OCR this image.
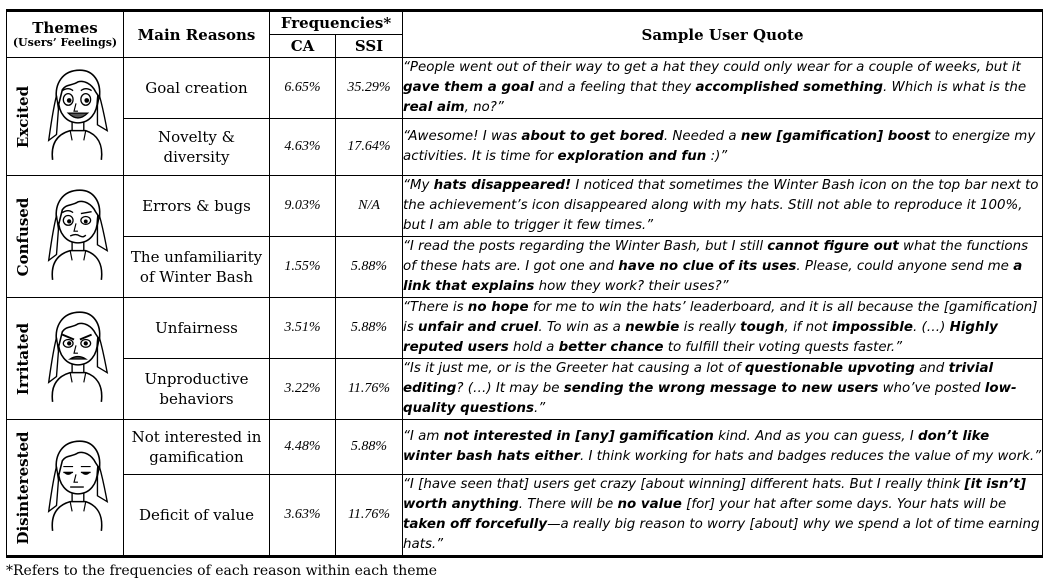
Themes
(Users’ Feelings)	Main Reasons	Frequencies*		Sample User Quote
		CA	SSI	

Excited	Goal creation	6.65%	35.29%	“People went out of their way to get a hat they could only wear for a couple of weeks, but it gave them a goal and a feeling that they accomplished something. Which is what is the real aim, no?”
	Novelty & diversity	4.63%	17.64%	“Awesome! I was about to get bored. Needed a new [gamification] boost to energize my activities. It is time for exploration and fun :)”

Confused	Errors & bugs	9.03%	N/A	“My hats disappeared! I noticed that sometimes the Winter Bash icon on the top bar next to the achievement’s icon disappeared along with my hats. Still not able to reproduce it 100%, but I am able to trigger it few times.”
	The unfamiliarity of Winter Bash	1.55%	5.88%	“I read the posts regarding the Winter Bash, but I still cannot figure out what the functions of these hats are. I got one and have no clue of its uses. Please, could anyone send me a link that explains how they work? their uses?”

Irritated	Unfairness	3.51%	5.88%	“There is no hope for me to win the hats’ leaderboard, and it is all because the [gamification] is unfair and cruel. To win as a newbie is really tough, if not impossible. (…) Highly reputed users hold a better chance to fulfill their voting quests faster.”
	Unproductive behaviors	3.22%	11.76%	“Is it just me, or is the Greeter hat causing a lot of questionable upvoting and trivial editing? (…) It may be sending the wrong message to new users who’ve posted low-quality questions.”

Disinterested	Not interested in gamification	4.48%	5.88%	“I am not interested in [any] gamification kind. And as you can guess, I don’t like winter bash hats either. I think working for hats and badges reduces the value of my work.”
	Deficit of value	3.63%	11.76%	“I [have seen that] users get crazy [about winning] different hats. But I really think [it isn’t] worth anything. There will be no value [for] your hat after some days. Your hats will be taken off forcefully—a really big reason to worry [about] why we spend a lot of time earning hats.”
*Refers to the frequencies of each reason within each theme
